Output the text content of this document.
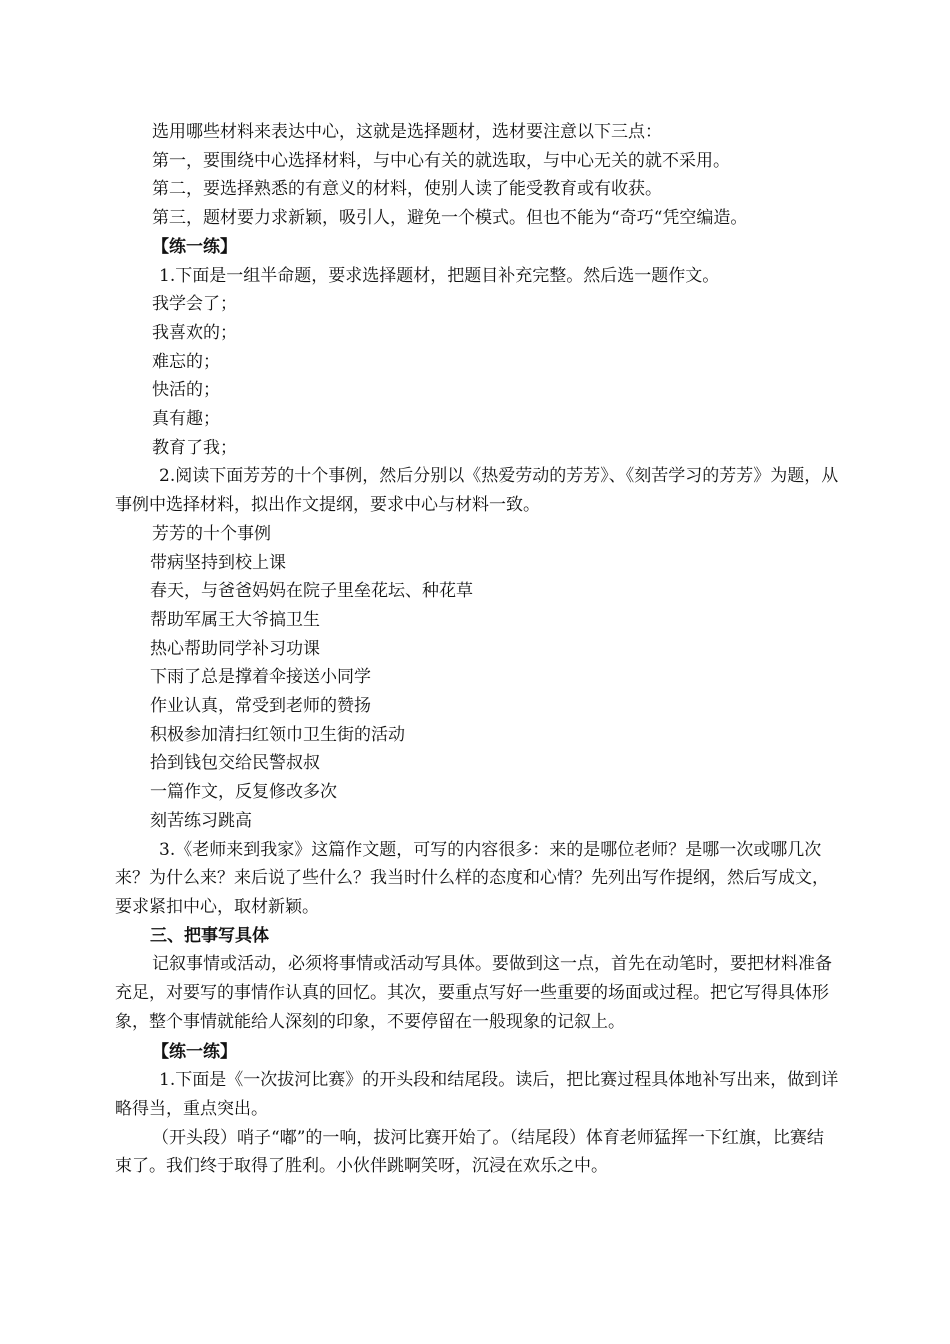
选用哪些材料来表达中心，这就是选择题材，选材要注意以下三点：

第一，要围绕中心选择材料，与中心有关的就选取，与中心无关的就不采用。

第二，要选择熟悉的有意义的材料，使别人读了能受教育或有收获。

第三，题材要力求新颖，吸引人，避免一个模式。但也不能为“奇巧“凭空编造。

【练一练】

1.下面是一组半命题，要求选择题材，把题目补充完整。然后选一题作文。

我学会了；

我喜欢的；

难忘的；

快活的；

真有趣；

教育了我；

2.阅读下面芳芳的十个事例，然后分别以《热爱劳动的芳芳》、《刻苦学习的芳芳》为题，从事例中选择材料，拟出作文提纲，要求中心与材料一致。

芳芳的十个事例

带病坚持到校上课

春天，与爸爸妈妈在院子里垒花坛、种花草

帮助军属王大爷搞卫生

热心帮助同学补习功课

下雨了总是撑着伞接送小同学

作业认真，常受到老师的赞扬

积极参加清扫红领巾卫生街的活动

拾到钱包交给民警叔叔

一篇作文，反复修改多次

刻苦练习跳高

3.《老师来到我家》这篇作文题，可写的内容很多：来的是哪位老师？是哪一次或哪几次来？为什么来？来后说了些什么？我当时什么样的态度和心情？先列出写作提纲，然后写成文，要求紧扣中心，取材新颖。

三、把事写具体

记叙事情或活动，必须将事情或活动写具体。要做到这一点，首先在动笔时，要把材料准备充足，对要写的事情作认真的回忆。其次，要重点写好一些重要的场面或过程。把它写得具体形象，整个事情就能给人深刻的印象，不要停留在一般现象的记叙上。

【练一练】

1.下面是《一次拔河比赛》的开头段和结尾段。读后，把比赛过程具体地补写出来，做到详略得当，重点突出。

（开头段）哨子“嘟”的一响，拔河比赛开始了。（结尾段）体育老师猛挥一下红旗，比赛结束了。我们终于取得了胜利。小伙伴跳啊笑呀，沉浸在欢乐之中。
